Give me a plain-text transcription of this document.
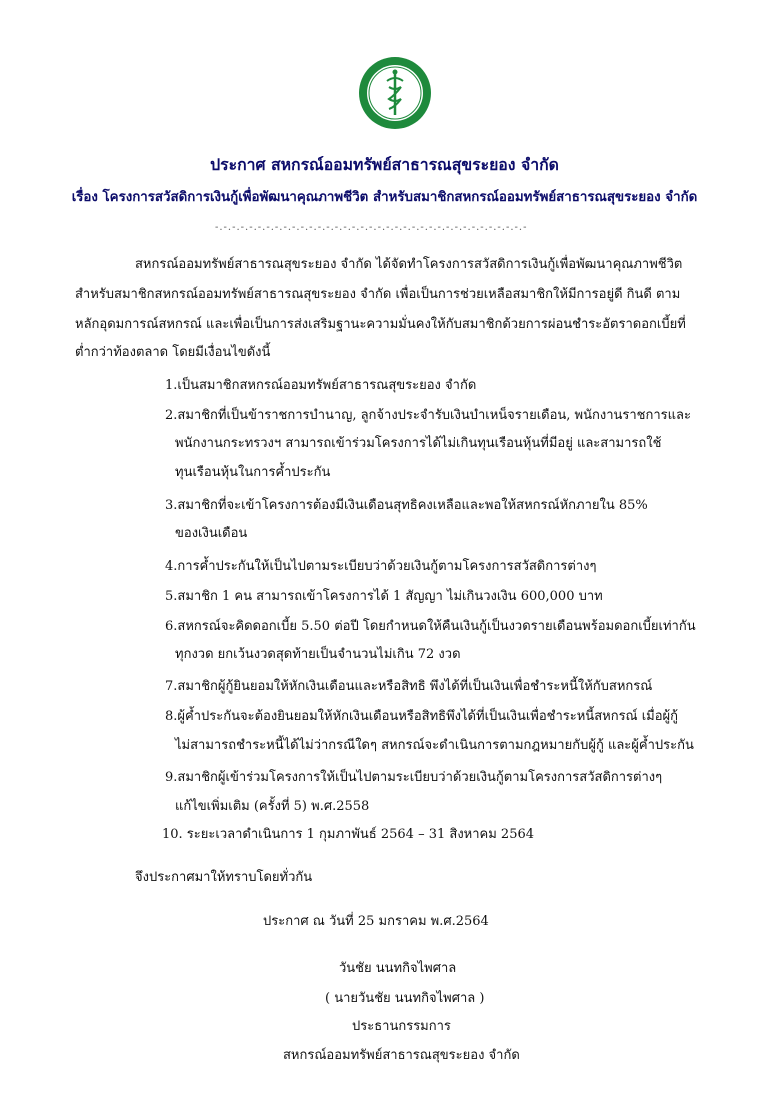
ประกาศ สหกรณ์ออมทรัพย์สาธารณสุขระยอง จำกัด
เรื่อง โครงการสวัสดิการเงินกู้เพื่อพัฒนาคุณภาพชีวิต สำหรับสมาชิกสหกรณ์ออมทรัพย์สาธารณสุขระยอง จำกัด
-.-.-.-.-.-.-.-.-.-.-.-.-.-.-.-.-.-.-.-.-.-.-.-.-.-.-.-.-.-.-.-.-.-.-.-.-
สหกรณ์ออมทรัพย์สาธารณสุขระยอง จำกัด ได้จัดทำโครงการสวัสดิการเงินกู้เพื่อพัฒนาคุณภาพชีวิต
สำหรับสมาชิกสหกรณ์ออมทรัพย์สาธารณสุขระยอง จำกัด เพื่อเป็นการช่วยเหลือสมาชิกให้มีการอยู่ดี กินดี ตาม
หลักอุดมการณ์สหกรณ์ และเพื่อเป็นการส่งเสริมฐานะความมั่นคงให้กับสมาชิกด้วยการผ่อนชำระอัตราดอกเบี้ยที่
ต่ำกว่าท้องตลาด โดยมีเงื่อนไขดังนี้
1.เป็นสมาชิกสหกรณ์ออมทรัพย์สาธารณสุขระยอง จำกัด
2.สมาชิกที่เป็นข้าราชการบำนาญ, ลูกจ้างประจำรับเงินบำเหน็จรายเดือน, พนักงานราชการและ
พนักงานกระทรวงฯ สามารถเข้าร่วมโครงการได้ไม่เกินทุนเรือนหุ้นที่มีอยู่ และสามารถใช้
ทุนเรือนหุ้นในการค้ำประกัน
3.สมาชิกที่จะเข้าโครงการต้องมีเงินเดือนสุทธิคงเหลือและพอให้สหกรณ์หักภายใน 85%
ของเงินเดือน
4.การค้ำประกันให้เป็นไปตามระเบียบว่าด้วยเงินกู้ตามโครงการสวัสดิการต่างๆ
5.สมาชิก 1 คน สามารถเข้าโครงการได้ 1 สัญญา ไม่เกินวงเงิน 600,000 บาท
6.สหกรณ์จะคิดดอกเบี้ย 5.50 ต่อปี โดยกำหนดให้คืนเงินกู้เป็นงวดรายเดือนพร้อมดอกเบี้ยเท่ากัน
ทุกงวด ยกเว้นงวดสุดท้ายเป็นจำนวนไม่เกิน 72 งวด
7.สมาชิกผู้กู้ยินยอมให้หักเงินเดือนและหรือสิทธิ พึงได้ที่เป็นเงินเพื่อชำระหนี้ให้กับสหกรณ์
8.ผู้ค้ำประกันจะต้องยินยอมให้หักเงินเดือนหรือสิทธิพึงได้ที่เป็นเงินเพื่อชำระหนี้สหกรณ์ เมื่อผู้กู้
ไม่สามารถชำระหนี้ได้ไม่ว่ากรณีใดๆ สหกรณ์จะดำเนินการตามกฎหมายกับผู้กู้ และผู้ค้ำประกัน
9.สมาชิกผู้เข้าร่วมโครงการให้เป็นไปตามระเบียบว่าด้วยเงินกู้ตามโครงการสวัสดิการต่างๆ
แก้ไขเพิ่มเติม (ครั้งที่ 5) พ.ศ.2558
10. ระยะเวลาดำเนินการ 1 กุมภาพันธ์ 2564 – 31 สิงหาคม 2564
จึงประกาศมาให้ทราบโดยทั่วกัน
ประกาศ ณ วันที่ 25 มกราคม พ.ศ.2564
วันชัย นนทกิจไพศาล
( นายวันชัย นนทกิจไพศาล )
ประธานกรรมการ
สหกรณ์ออมทรัพย์สาธารณสุขระยอง จำกัด
